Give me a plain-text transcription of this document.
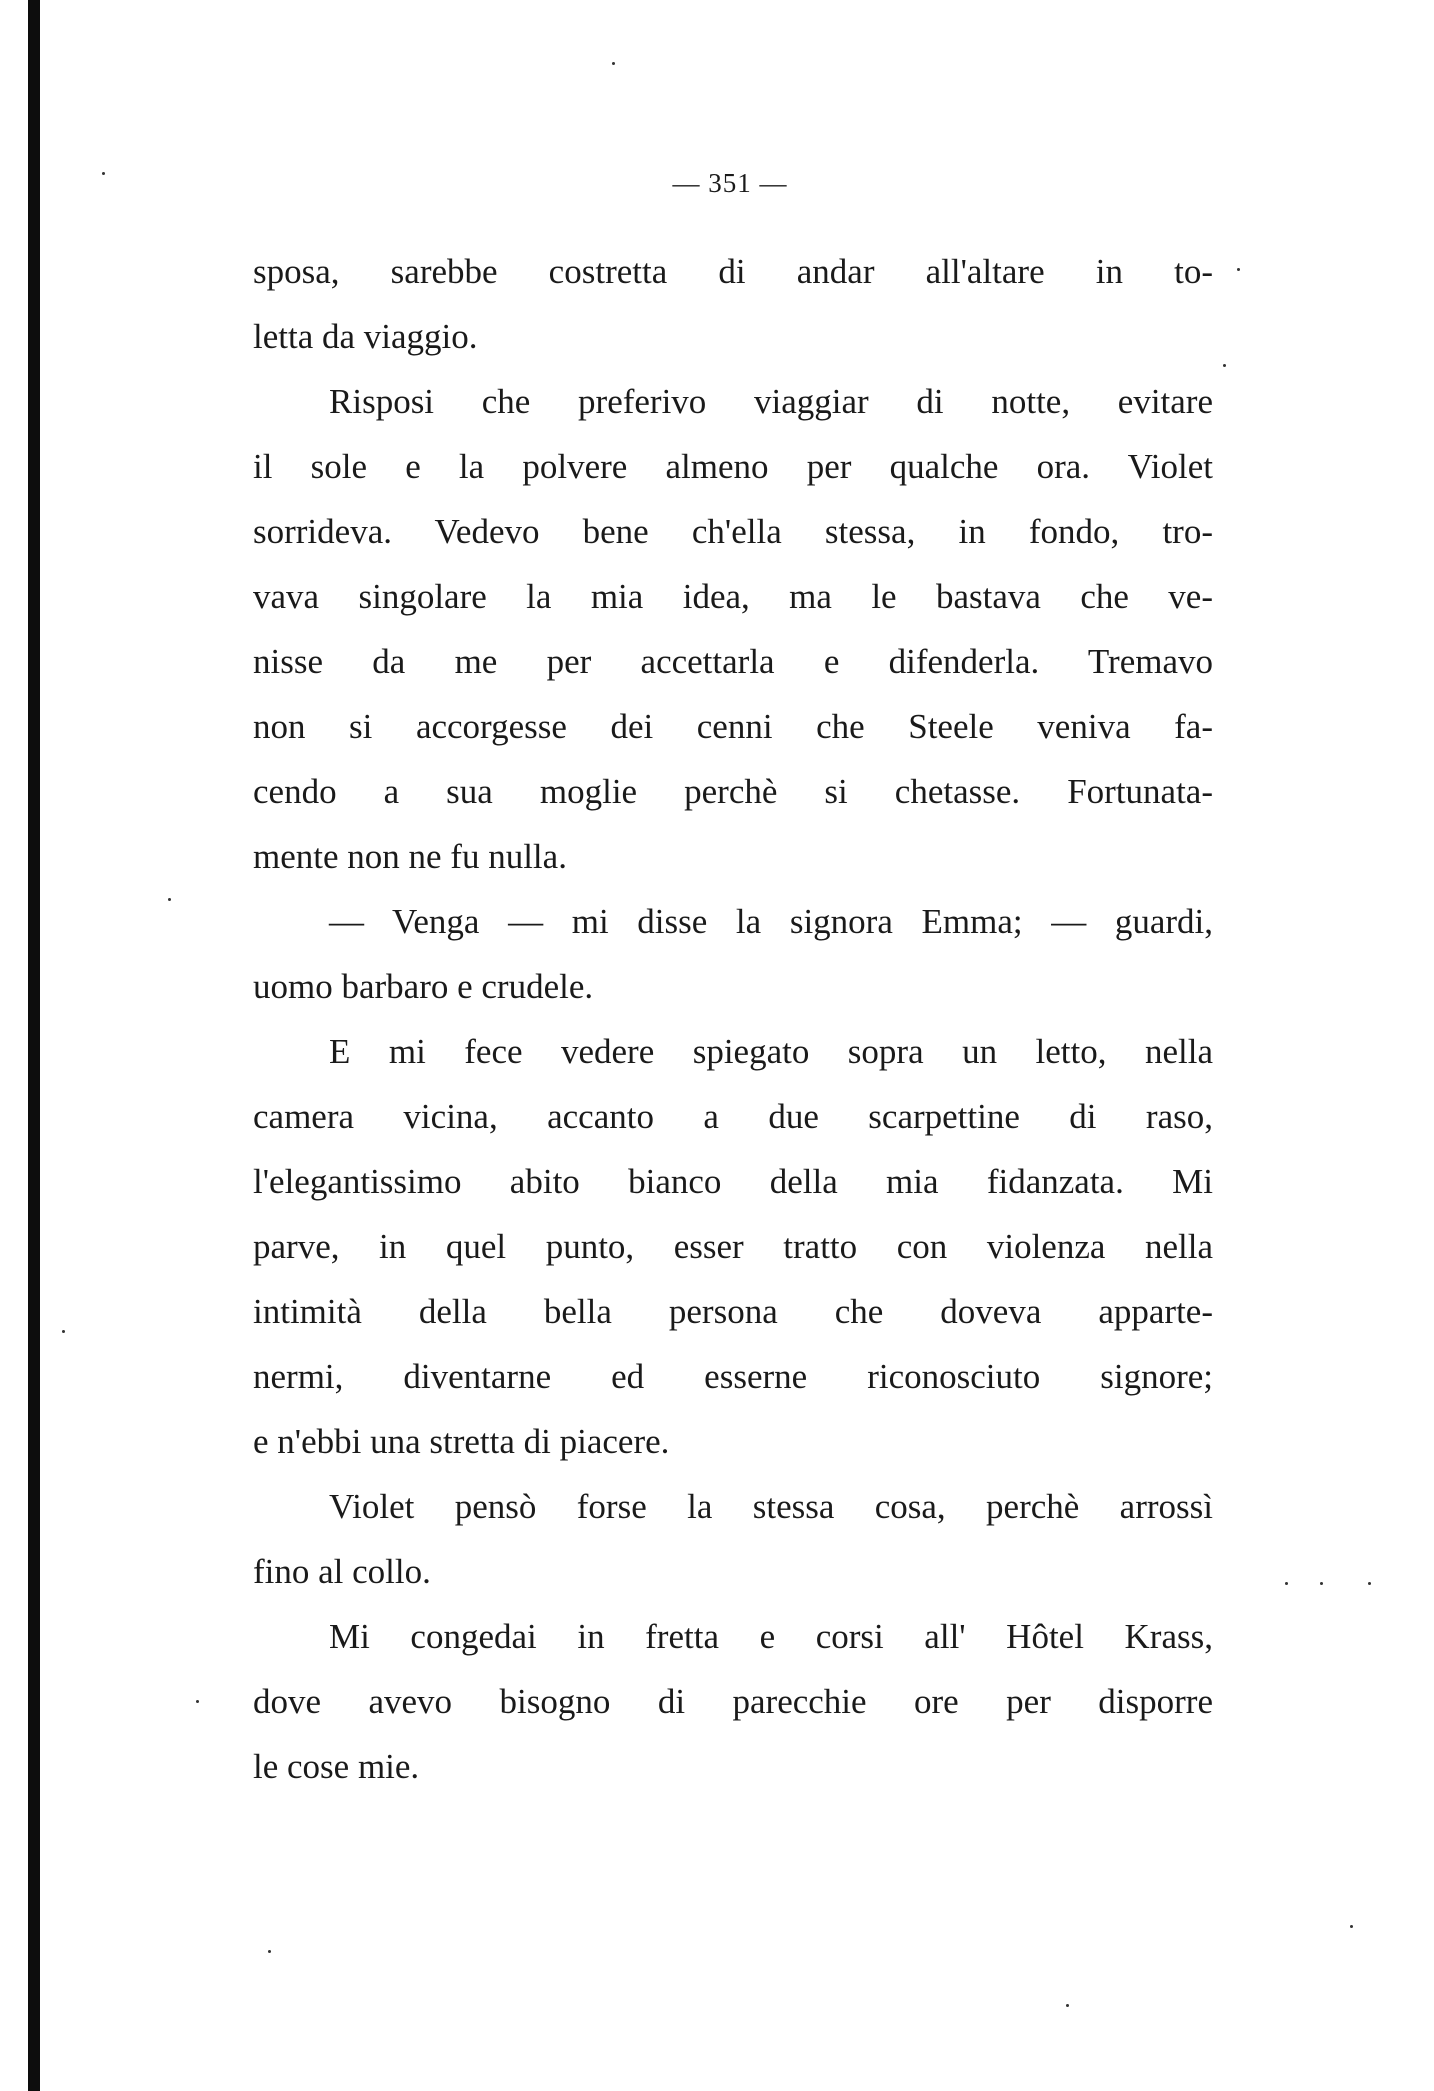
— 351 —
sposa, sarebbe costretta di andar all'altare in to-
letta da viaggio.
Risposi che preferivo viaggiar di notte, evitare
il sole e la polvere almeno per qualche ora. Violet
sorrideva. Vedevo bene ch'ella stessa, in fondo, tro-
vava singolare la mia idea, ma le bastava che ve-
nisse da me per accettarla e difenderla. Tremavo
non si accorgesse dei cenni che Steele veniva fa-
cendo a sua moglie perchè si chetasse. Fortunata-
mente non ne fu nulla.
— Venga — mi disse la signora Emma; — guardi,
uomo barbaro e crudele.
E mi fece vedere spiegato sopra un letto, nella
camera vicina, accanto a due scarpettine di raso,
l'elegantissimo abito bianco della mia fidanzata. Mi
parve, in quel punto, esser tratto con violenza nella
intimità della bella persona che doveva apparte-
nermi, diventarne ed esserne riconosciuto signore;
e n'ebbi una stretta di piacere.
Violet pensò forse la stessa cosa, perchè arrossì
fino al collo.
Mi congedai in fretta e corsi all' Hôtel Krass,
dove avevo bisogno di parecchie ore per disporre
le cose mie.
